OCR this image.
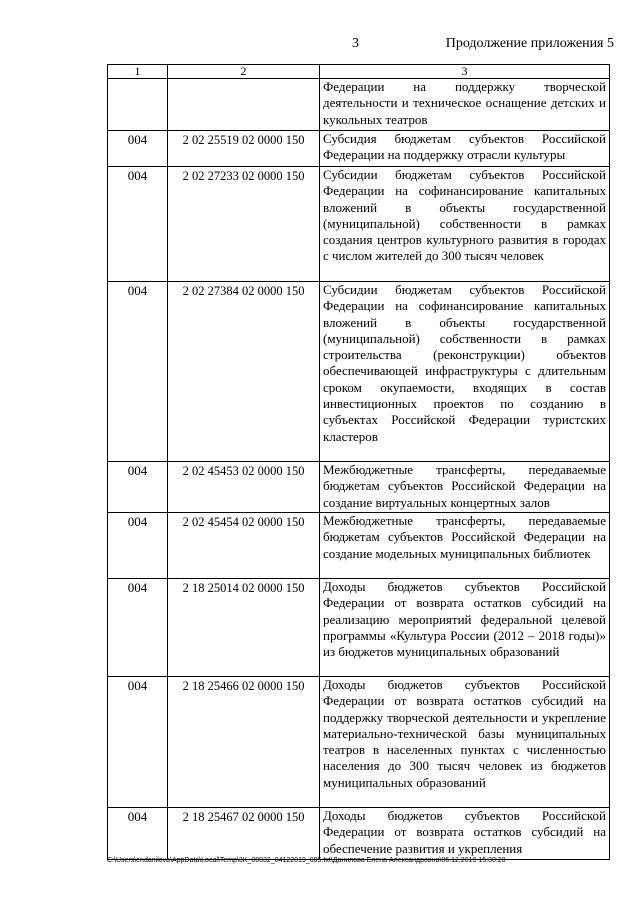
3	Продолжение приложения 5
1	2	3
		Федерации на поддержку творческой деятельности и техническое оснащение детских и кукольных театров
004	2 02 25519 02 0000 150	Субсидия бюджетам субъектов Российской Федерации на поддержку отрасли культуры
004	2 02 27233 02 0000 150	Субсидии бюджетам субъектов Российской Федерации на софинансирование капитальных вложений в объекты государственной (муниципальной) собственности в рамках создания центров культурного развития в городах с числом жителей до 300 тысяч человек
004	2 02 27384 02 0000 150	Субсидии бюджетам субъектов Российской Федерации на софинансирование капитальных вложений в объекты государственной (муниципальной) собственности в рамках строительства (реконструкции) объектов обеспечивающей инфраструктуры с длительным сроком окупаемости, входящих в состав инвестиционных проектов по созданию в субъектах Российской Федерации туристских кластеров
004	2 02 45453 02 0000 150	Межбюджетные трансферты, передаваемые бюджетам субъектов Российской Федерации на создание виртуальных концертных залов
004	2 02 45454 02 0000 150	Межбюджетные трансферты, передаваемые бюджетам субъектов Российской Федерации на создание модельных муниципальных библиотек
004	2 18 25014 02 0000 150	Доходы бюджетов субъектов Российской Федерации от возврата остатков субсидий на реализацию мероприятий федеральной целевой программы «Культура России (2012 – 2018 годы)» из бюджетов муниципальных образований
004	2 18 25466 02 0000 150	Доходы бюджетов субъектов Российской Федерации от возврата остатков субсидий на поддержку творческой деятельности и укрепление материально-технической базы муниципальных театров в населенных пунктах с численностью населения до 300 тысяч человек из бюджетов муниципальных образований
004	2 18 25467 02 0000 150	Доходы бюджетов субъектов Российской Федерации от возврата остатков субсидий на обеспечение развития и укрепления
C:\Users\endanilova\AppData\Local\Temp\3K_00032_04122019_005.txt\Данилова Елена Александровна\06.12.2019 15:30:28
